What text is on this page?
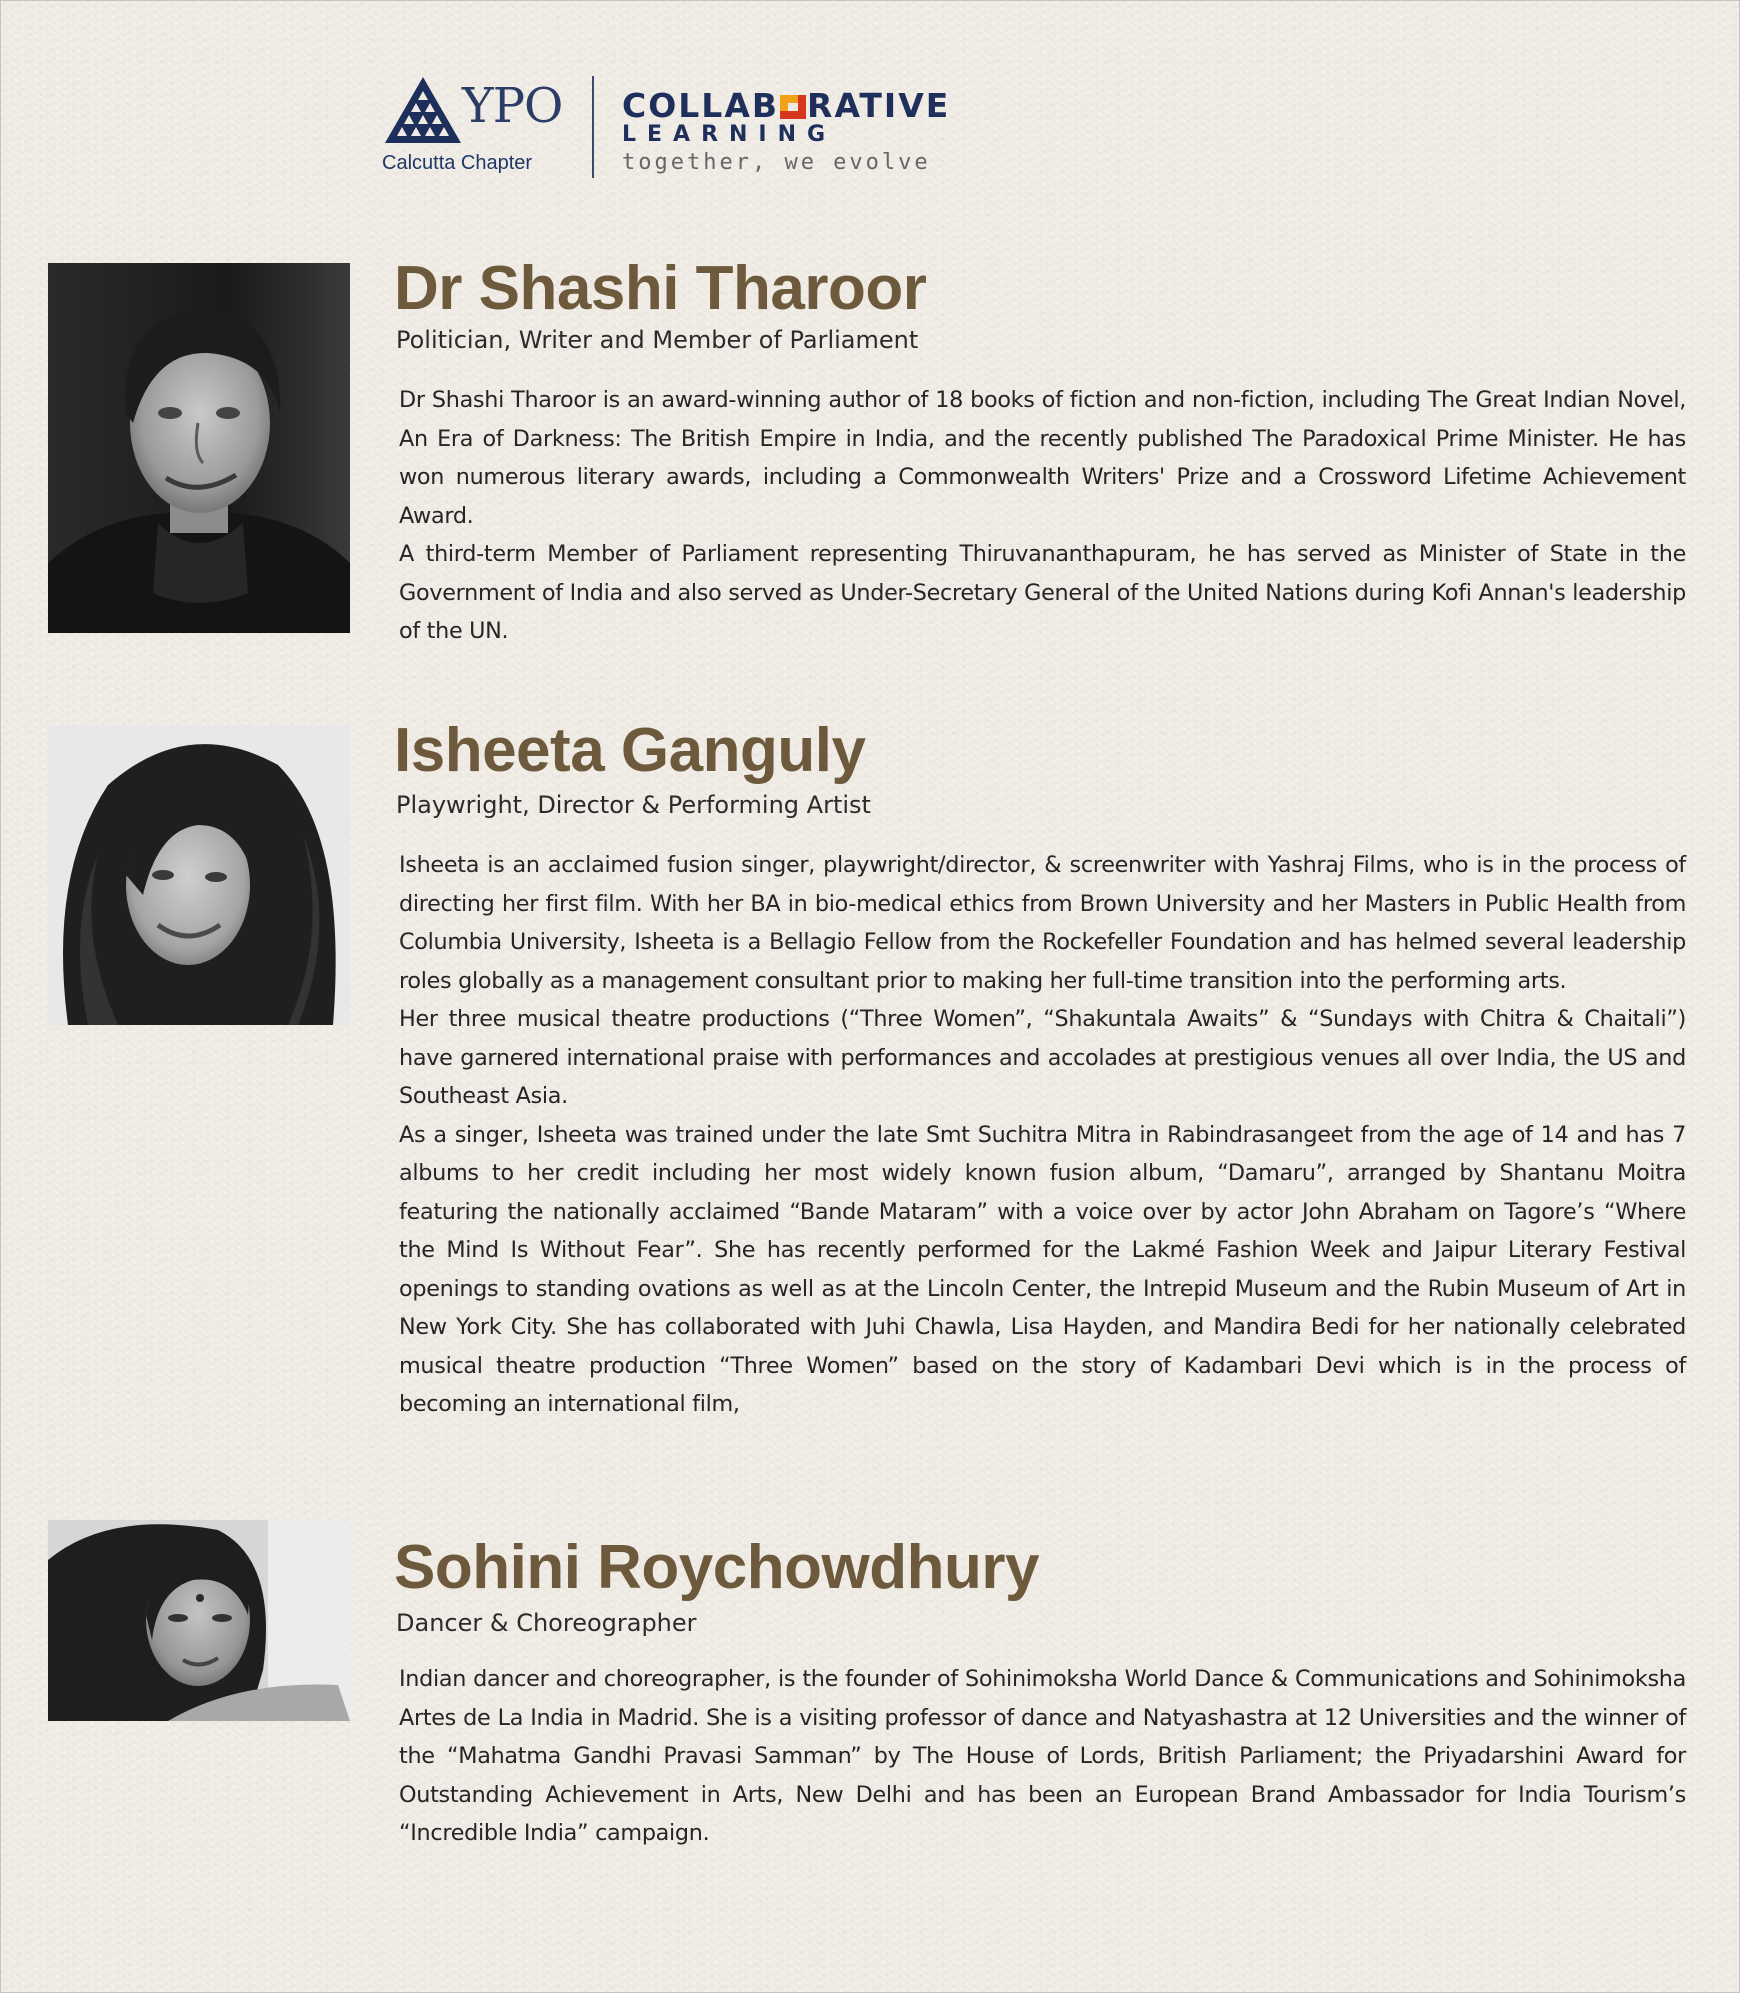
YPO
Calcutta Chapter
COLLAB RATIVE
LEARNING
together, we evolve
Dr Shashi Tharoor
Politician, Writer and Member of Parliament

Dr Shashi Tharoor is an award-winning author of 18 books of fiction and non-fiction, including The Great Indian Novel, An Era of Darkness: The British Empire in India, and the recently published The Paradoxical Prime Minister. He has won numerous literary awards, including a Commonwealth Writers' Prize and a Crossword Lifetime Achievement Award.

A third-term Member of Parliament representing Thiruvananthapuram, he has served as Minister of State in the Government of India and also served as Under-Secretary General of the United Nations during Kofi Annan's leadership of the UN.

Isheeta Ganguly
Playwright, Director & Performing Artist

Isheeta is an acclaimed fusion singer, playwright/director, & screenwriter with Yashraj Films, who is in the process of directing her first film. With her BA in bio-medical ethics from Brown University and her Masters in Public Health from Columbia University, Isheeta is a Bellagio Fellow from the Rockefeller Foundation and has helmed several leadership roles globally as a management consultant prior to making her full-time transition into the performing arts.

Her three musical theatre productions (“Three Women”, “Shakuntala Awaits” & “Sundays with Chitra & Chaitali”) have garnered international praise with performances and accolades at prestigious venues all over India, the US and Southeast Asia.

As a singer, Isheeta was trained under the late Smt Suchitra Mitra in Rabindrasangeet from the age of 14 and has 7 albums to her credit including her most widely known fusion album, “Damaru”, arranged by Shantanu Moitra featuring the nationally acclaimed “Bande Mataram” with a voice over by actor John Abraham on Tagore’s “Where the Mind Is Without Fear”. She has recently performed for the Lakmé Fashion Week and Jaipur Literary Festival openings to standing ovations as well as at the Lincoln Center, the Intrepid Museum and the Rubin Museum of Art in New York City. She has collaborated with Juhi Chawla, Lisa Hayden, and Mandira Bedi for her nationally celebrated musical theatre production “Three Women” based on the story of Kadambari Devi which is in the process of becoming an international film,

Sohini Roychowdhury
Dancer & Choreographer

Indian dancer and choreographer, is the founder of Sohinimoksha World Dance & Communications and Sohinimoksha Artes de La India in Madrid. She is a visiting professor of dance and Natyashastra at 12 Universities and the winner of the “Mahatma Gandhi Pravasi Samman” by The House of Lords, British Parliament; the Priyadarshini Award for Outstanding Achievement in Arts, New Delhi and has been an European Brand Ambassador for India Tourism’s “Incredible India” campaign.
